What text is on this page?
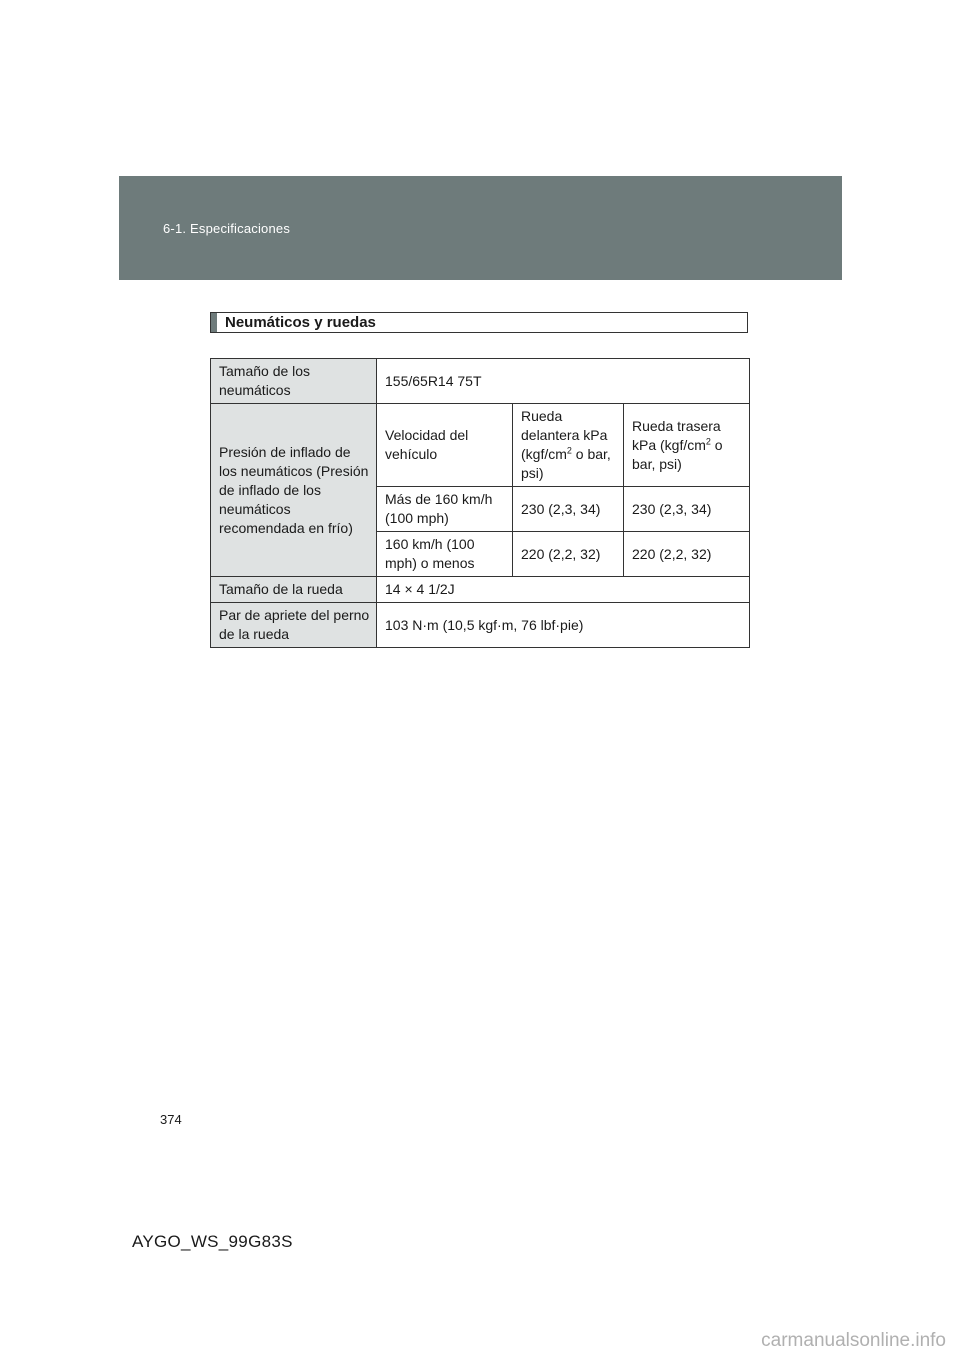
6-1. Especificaciones
Neumáticos y ruedas
Tamaño de los neumáticos	155/65R14 75T		
Presión de inflado de los neumáticos (Presión de inflado de los neumáticos recomendada en frío)	Velocidad del vehículo	Rueda delantera kPa ($kgf/cm^2$ o bar, psi)	Rueda trasera kPa ($kgf/cm^2$ o bar, psi)
	Más de 160 km/h (100 mph)	230 (2,3, 34)	230 (2,3, 34)
	160 km/h (100 mph) o menos	220 (2,2, 32)	220 (2,2, 32)
Tamaño de la rueda	14 × 4 1/2J		
Par de apriete del perno de la rueda	103 N·m (10,5 kgf·m, 76 lbf·pie)		
374
AYGO_WS_99G83S
carmanualsonline.info
